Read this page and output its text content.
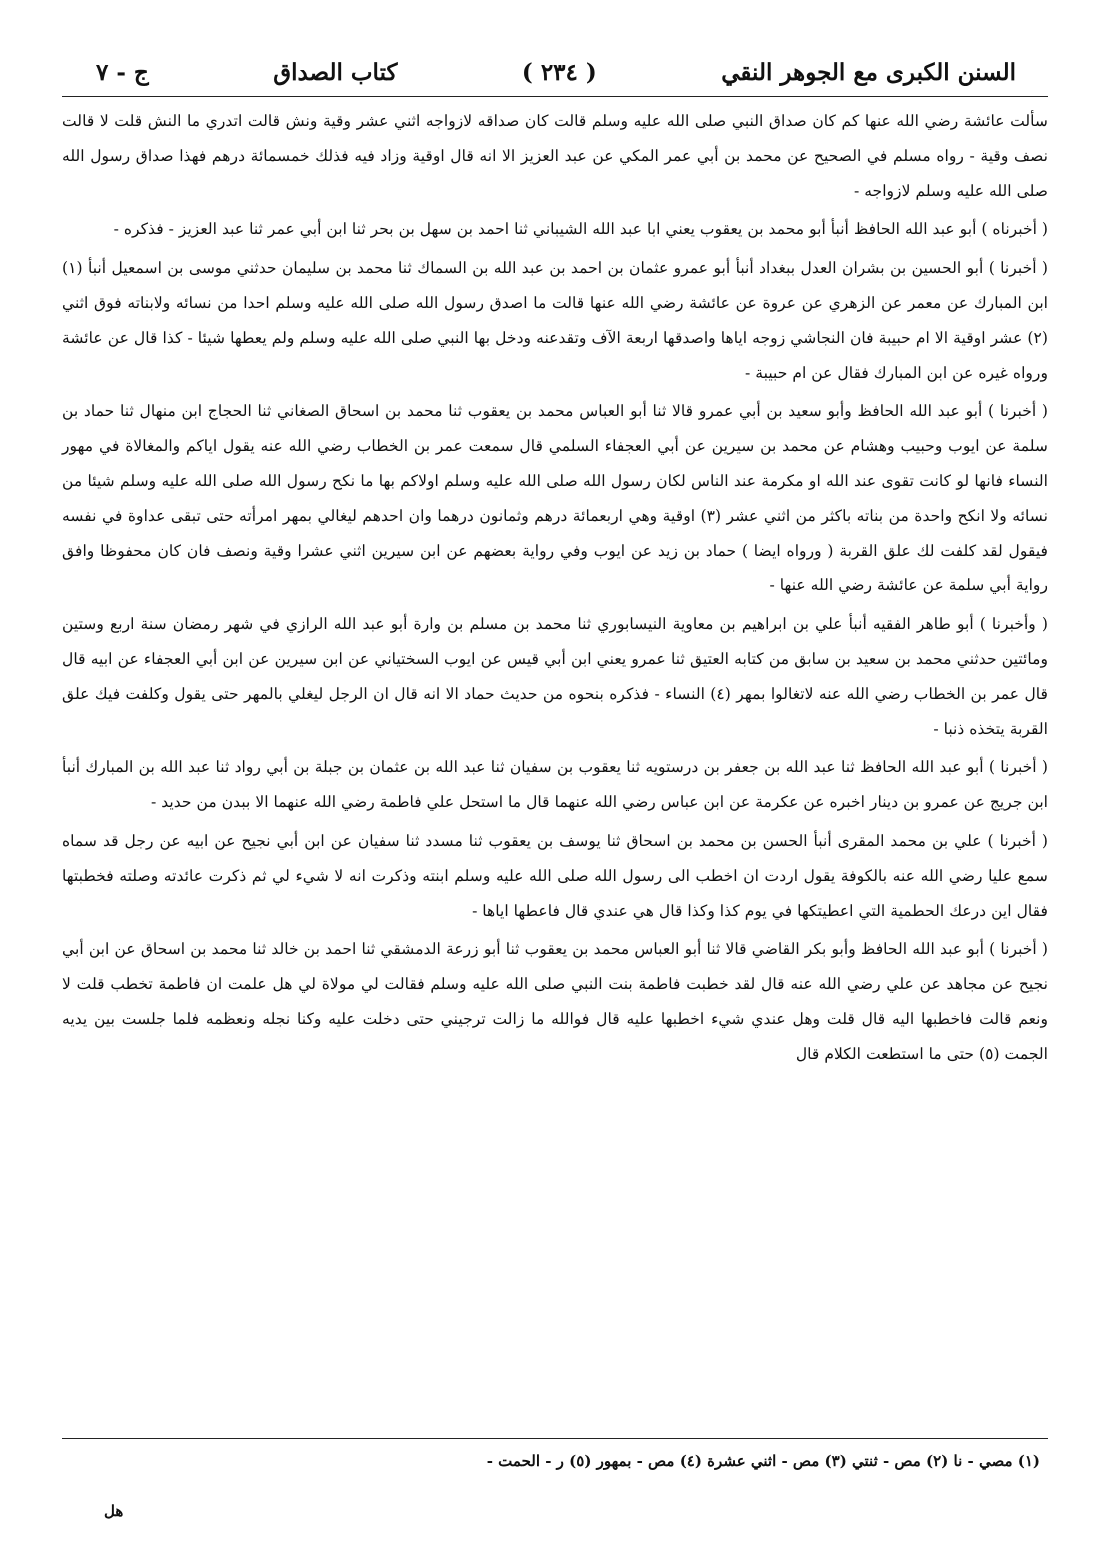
السنن الكبرى مع الجوهر النقي
( ٢٣٤ )
كتاب الصداق
ج - ٧

سألت عائشة رضي الله عنها كم كان صداق النبي صلى الله عليه وسلم قالت كان صداقه لازواجه اثني عشر وقية ونش قالت اتدري ما النش قلت لا قالت نصف وقية - رواه مسلم في الصحيح عن محمد بن أبي عمر المكي عن عبد العزيز الا انه قال اوقية وزاد فيه فذلك خمسمائة درهم فهذا صداق رسول الله صلى الله عليه وسلم لازواجه -

( أخبرناه ) أبو عبد الله الحافظ أنبأ أبو محمد بن يعقوب يعني ابا عبد الله الشيباني ثنا احمد بن سهل بن بحر ثنا ابن أبي عمر ثنا عبد العزيز - فذكره -

( أخبرنا ) أبو الحسين بن بشران العدل ببغداد أنبأ أبو عمرو عثمان بن احمد بن عبد الله بن السماك ثنا محمد بن سليمان حدثني موسى بن اسمعيل أنبأ (١) ابن المبارك عن معمر عن الزهري عن عروة عن عائشة رضي الله عنها قالت ما اصدق رسول الله صلى الله عليه وسلم احدا من نسائه ولابناته فوق اثني (٢) عشر اوقية الا ام حبيبة فان النجاشي زوجه اياها واصدقها اربعة الآف وتقدعنه ودخل بها النبي صلى الله عليه وسلم ولم يعطها شيئا - كذا قال عن عائشة ورواه غيره عن ابن المبارك فقال عن ام حبيبة -

( أخبرنا ) أبو عبد الله الحافظ وأبو سعيد بن أبي عمرو قالا ثنا أبو العباس محمد بن يعقوب ثنا محمد بن اسحاق الصغاني ثنا الحجاج ابن منهال ثنا حماد بن سلمة عن ايوب وحبيب وهشام عن محمد بن سيرين عن أبي العجفاء السلمي قال سمعت عمر بن الخطاب رضي الله عنه يقول اياكم والمغالاة في مهور النساء فانها لو كانت تقوى عند الله او مكرمة عند الناس لكان رسول الله صلى الله عليه وسلم اولاكم بها ما نكح رسول الله صلى الله عليه وسلم شيئا من نسائه ولا انكح واحدة من بناته باكثر من اثني عشر (٣) اوقية وهي اربعمائة درهم وثمانون درهما وان احدهم ليغالي بمهر امرأته حتى تبقى عداوة في نفسه فيقول لقد كلفت لك علق القربة ( ورواه ايضا ) حماد بن زيد عن ايوب وفي رواية بعضهم عن ابن سيرين اثني عشرا وقية ونصف فان كان محفوظا وافق رواية أبي سلمة عن عائشة رضي الله عنها -

( وأخبرنا ) أبو طاهر الفقيه أنبأ علي بن ابراهيم بن معاوية النيسابوري ثنا محمد بن مسلم بن وارة أبو عبد الله الرازي في شهر رمضان سنة اربع وستين ومائتين حدثني محمد بن سعيد بن سابق من كتابه العتيق ثنا عمرو يعني ابن أبي قيس عن ايوب السختياني عن ابن سيرين عن ابن أبي العجفاء عن ابيه قال قال عمر بن الخطاب رضي الله عنه لاتغالوا بمهر (٤) النساء - فذكره بنحوه من حديث حماد الا انه قال ان الرجل ليغلي بالمهر حتى يقول وكلفت فيك علق القربة يتخذه ذنبا -

( أخبرنا ) أبو عبد الله الحافظ ثنا عبد الله بن جعفر بن درستويه ثنا يعقوب بن سفيان ثنا عبد الله بن عثمان بن جبلة بن أبي رواد ثنا عبد الله بن المبارك أنبأ ابن جريج عن عمرو بن دينار اخبره عن عكرمة عن ابن عباس رضي الله عنهما قال ما استحل علي فاطمة رضي الله عنهما الا ببدن من حديد -

( أخبرنا ) علي بن محمد المقرى أنبأ الحسن بن محمد بن اسحاق ثنا يوسف بن يعقوب ثنا مسدد ثنا سفيان عن ابن أبي نجيح عن ابيه عن رجل قد سماه سمع عليا رضي الله عنه بالكوفة يقول اردت ان اخطب الى رسول الله صلى الله عليه وسلم ابنته وذكرت انه لا شيء لي ثم ذكرت عائدته وصلته فخطبتها فقال اين درعك الحطمية التي اعطيتكها في يوم كذا وكذا قال هي عندي قال فاعطها اياها -

( أخبرنا ) أبو عبد الله الحافظ وأبو بكر القاضي قالا ثنا أبو العباس محمد بن يعقوب ثنا أبو زرعة الدمشقي ثنا احمد بن خالد ثنا محمد بن اسحاق عن ابن أبي نجيح عن مجاهد عن علي رضي الله عنه قال لقد خطبت فاطمة بنت النبي صلى الله عليه وسلم فقالت لي مولاة لي هل علمت ان فاطمة تخطب قلت لا ونعم قالت فاخطبها اليه قال قلت وهل عندي شيء اخطبها عليه قال فوالله ما زالت ترجيني حتى دخلت عليه وكنا نجله ونعظمه فلما جلست بين يديه الجمت (٥) حتى ما استطعت الكلام قال

(١) مصي - نا (٢) مص - ثنتي (٣) مص - اثني عشرة (٤) مص - بمهور (٥) ر - الحمت -
هل
